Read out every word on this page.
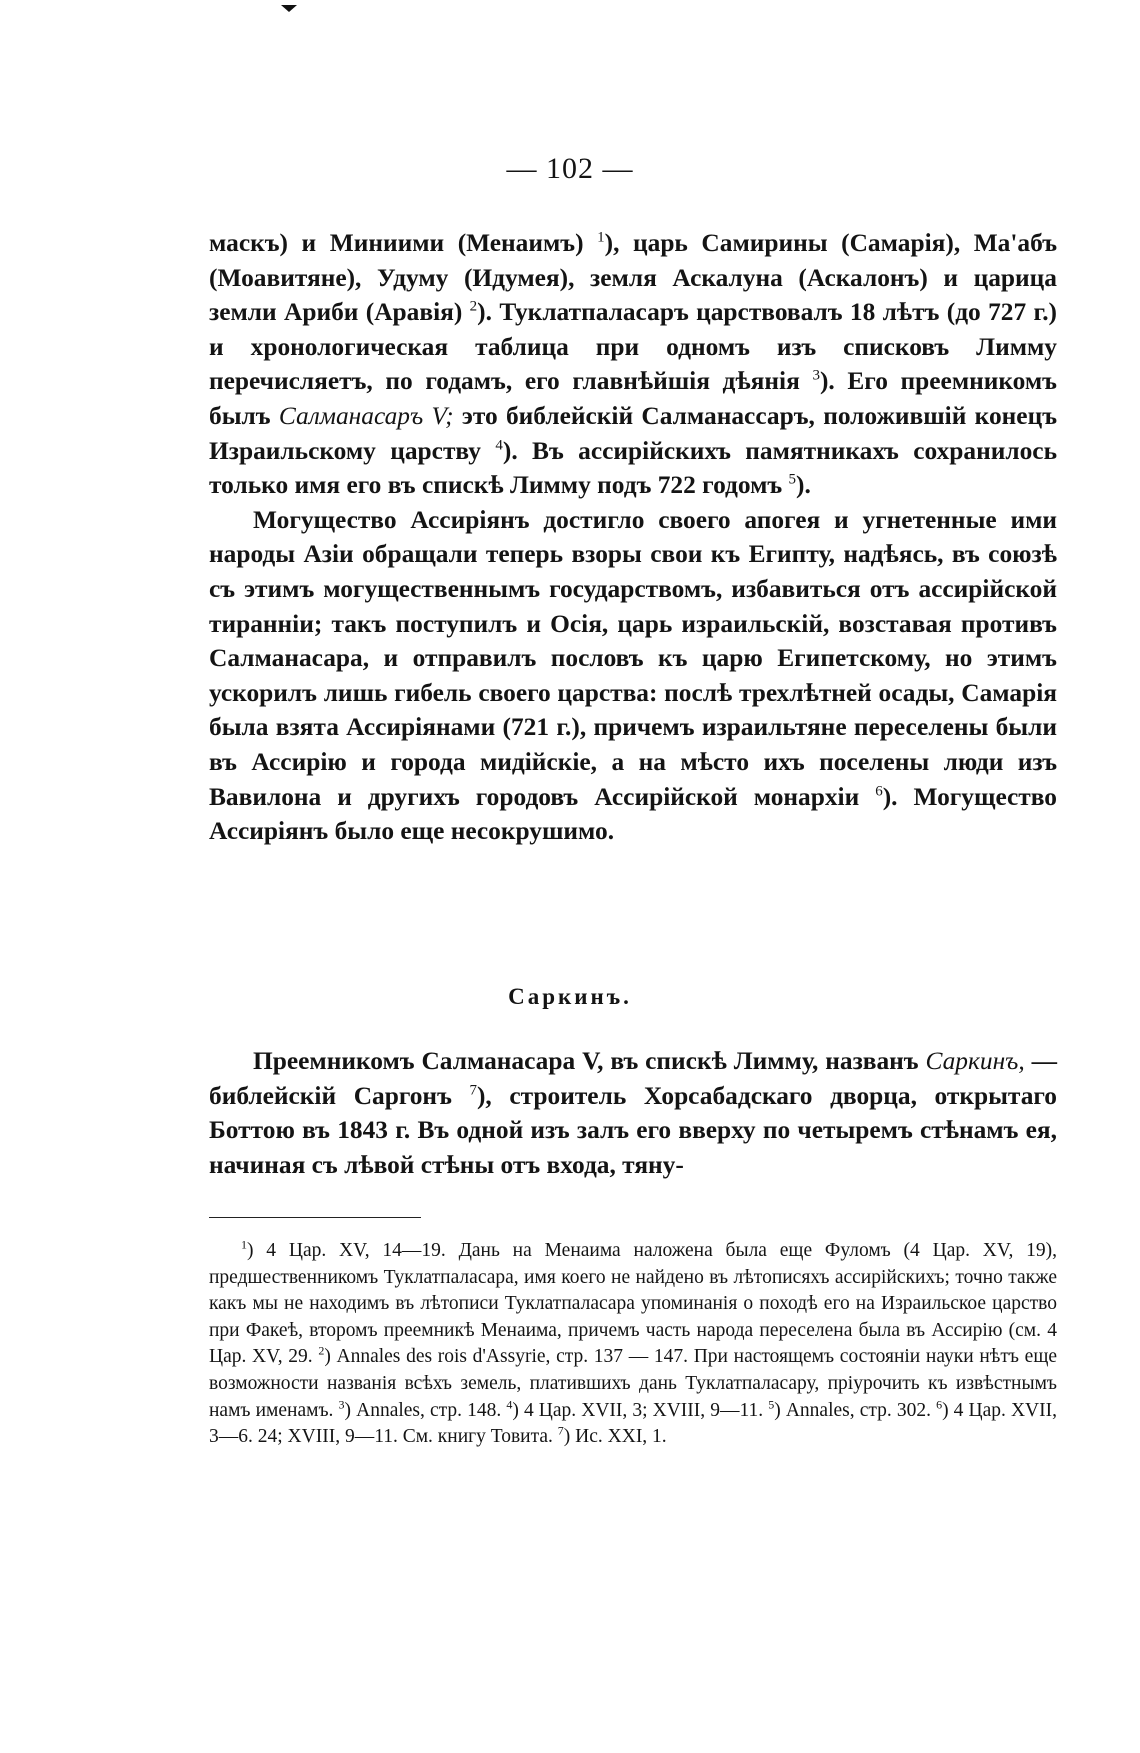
— 102 —

маскъ) и Миниими (Менаимъ) $^1$), царь Самирины (Самарія), Ма'абъ (Моавитяне), Удуму (Идумея), земля Аскалуна (Аскалонъ) и царица земли Ариби (Аравія) $^2$). Туклатпаласаръ царствовалъ 18 лѣтъ (до 727 г.) и хронологическая таблица при одномъ изъ списковъ Лимму перечисляетъ, по годамъ, его главнѣйшія дѣянія $^3$). Его преемникомъ былъ Салманасаръ V; это библейскій Салманассаръ, положившій конецъ Израильскому царству $^4$). Въ ассирійскихъ памятникахъ сохранилось только имя его въ спискѣ Лимму подъ 722 годомъ $^5$).

Могущество Ассиріянъ достигло своего апогея и угнетенные ими народы Азіи обращали теперь взоры свои къ Египту, надѣясь, въ союзѣ съ этимъ могущественнымъ государствомъ, избавиться отъ ассирійской тираннiи; такъ поступилъ и Осія, царь израильскій, возставая противъ Салманасара, и отправилъ пословъ къ царю Египетскому, но этимъ ускорилъ лишь гибель своего царства: послѣ трехлѣтней осады, Самарія была взята Ассиріянами (721 г.), причемъ израильтяне переселены были въ Ассирію и города мидійскіе, а на мѣсто ихъ поселены люди изъ Вавилона и другихъ городовъ Ассирійской монархіи $^6$). Могущество Ассиріянъ было еще несокрушимо.

Саркинъ.

Преемникомъ Салманасара V, въ спискѣ Лимму, названъ Саркинъ, — библейскій Саргонъ $^7$), строитель Хорсабадскаго дворца, открытаго Боттою въ 1843 г. Въ одной изъ залъ его вверху по четыремъ стѣнамъ ея, начиная съ лѣвой стѣны отъ входа, тяну-

$^1$) 4 Цар. XV, 14—19. Дань на Менаима наложена была еще Фуломъ (4 Цар. XV, 19), предшественникомъ Туклатпаласара, имя коего не найдено въ лѣтописяхъ ассирійскихъ; точно также какъ мы не находимъ въ лѣтописи Туклатпаласара упоминанія о походѣ его на Израильское царство при Факеѣ, второмъ преемникѣ Менаима, причемъ часть народа переселена была въ Ассирію (см. 4 Цар. XV, 29. $^2$) Annales des rois d'Assyrie, стр. 137 — 147. При настоящемъ состояніи науки нѣтъ еще возможности названія всѣхъ земель, платившихъ дань Туклатпаласару, пріурочить къ извѣстнымъ намъ именамъ. $^3$) Annales, стр. 148. $^4$) 4 Цар. XVII, 3; XVIII, 9—11. $^5$) Annales, стр. 302. $^6$) 4 Цар. XVII, 3—6. 24; XVIII, 9—11. См. книгу Товита. $^7$) Ис. XXI, 1.
